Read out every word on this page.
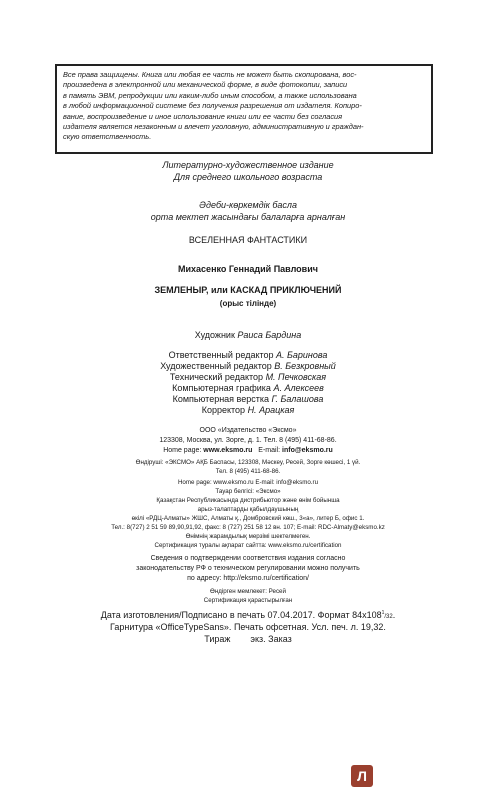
Все права защищены. Книга или любая ее часть не может быть скопирована, вос-
произведена в электронной или механической форме, в виде фотокопии, записи
в память ЭВМ, репродукции или каким-либо иным способом, а также использована
в любой информационной системе без получения разрешения от издателя. Копиро-
вание, воспроизведение и иное использование книги или ее части без согласия
издателя является незаконным и влечет уголовную, административную и граждан-
скую ответственность.
Литературно-художественное издание
Для среднего школьного возраста
Әдеби-көркемдік басла
орта мектеп жасындағы балаларға арналған
ВСЕЛЕННАЯ ФАНТАСТИКИ
Михасенко Геннадий Павлович
ЗЕМЛЕНЫР, или КАСКАД ПРИКЛЮЧЕНИЙ
(орыс тілінде)
Художник Раиса Бардина
Ответственный редактор А. Баринова
Художественный редактор В. Безкровный
Технический редактор М. Печковская
Компьютерная графика А. Алексеев
Компьютерная верстка Г. Балашова
Корректор Н. Арацкая
ООО «Издательство «Эксмо»
123308, Москва, ул. Зорге, д. 1. Тел. 8 (495) 411-68-86.
Home page: www.eksmo.ru E-mail: info@eksmo.ru
Өндіруші: «ЭКСМО» АҚБ Баспасы, 123308, Мәскеу, Ресей, Зорге көшесі, 1 үй.
Тел. 8 (495) 411-68-86.
Home page: www.eksmo.ru E-mail: info@eksmo.ru
Тауар белгісі: «Эксмо»
Қазақстан Республикасында дистрибьютор және өнім бойынша
арыз-талаптарды қабылдаушының
өкілі «РДЦ-Алматы» ЖШС, Алматы қ., Домбровский көш., 3«а», литер Б, офис 1.
Тел.: 8(727) 2 51 59 89,90,91,92, факс: 8 (727) 251 58 12 вн. 107; E-mail: RDC-Almaty@eksmo.kz
Өнімнің жарамдылық мерзімі шектелмеген.
Сертификация туралы ақпарат сайтта: www.eksmo.ru/certification
Сведения о подтверждении соответствия издания согласно
законодательству РФ о техническом регулировании можно получить
по адресу: http://eksmo.ru/certification/
Өндірген мемлекет: Ресей
Сертификация қарастырылған
Дата изготовления/Подписано в печать 07.04.2017. Формат $84x108^1/32$.
Гарнитура «OfficeTypeSans». Печать офсетная. Усл. печ. л. 19,32.
Тираж        экз. Заказ
Л
